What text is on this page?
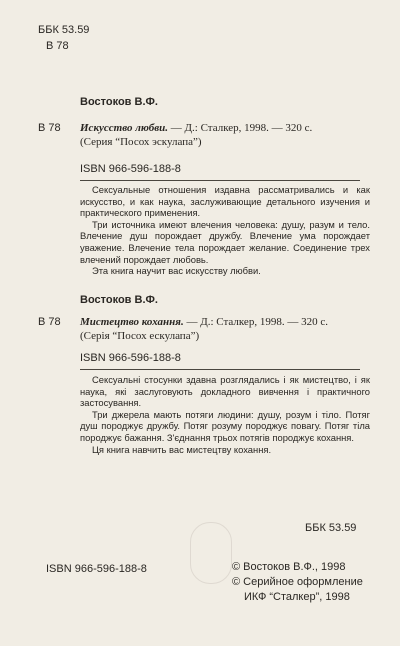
ББК 53.59
В 78
Востоков В.Ф.
В 78 Искусство любви. — Д.: Сталкер, 1998. — 320 с.
(Серия “Посох эскулапа”)
ISBN 966-596-188-8

Сексуальные отношения издавна рассматривались и как искусство, и как наука, заслуживающие детального изучения и практического применения.

Три источника имеют влечения человека: душу, разум и тело. Влечение душ порождает дружбу. Влечение ума порождает уважение. Влечение тела порождает желание. Соединение трех влечений порождает любовь.

Эта книга научит вас искусству любви.

Востоков В.Ф.
В 78 Мистецтво кохання. — Д.: Сталкер, 1998. — 320 с.
(Серія “Посох ескулапа”)
ISBN 966-596-188-8

Сексуальні стосунки здавна розглядались і як мистецтво, і як наука, які заслуговують докладного вивчення і практичного застосування.

Три джерела мають потяги людини: душу, розум і тіло. Потяг душ породжує дружбу. Потяг розуму породжує повагу. Потяг тіла породжує бажання. З'єднання трьох потягів породжує кохання.

Ця книга навчить вас мистецтву кохання.

ББК 53.59
ISBN 966-596-188-8	© Востоков В.Ф., 1998
© Серийное оформление
ИКФ “Сталкер”, 1998
